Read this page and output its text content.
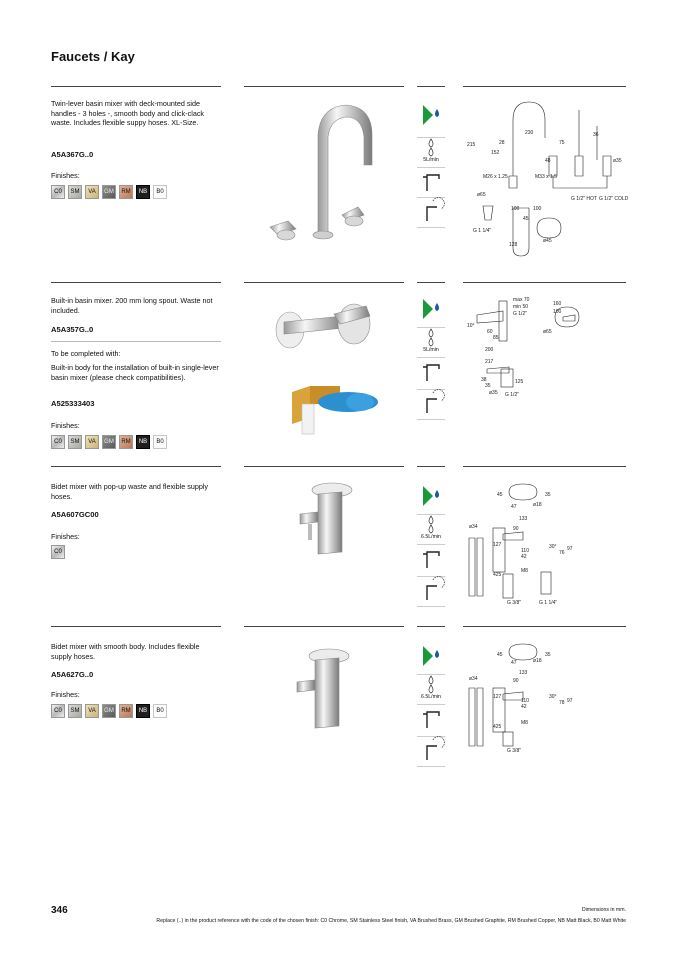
Faucets / Kay
Twin-lever basin mixer with deck-mounted side handles - 3 holes -, smooth body and click-clack waste. Includes flexible suppy hoses. XL-Size.
A5A367G..0
Finishes:
C0	SM	VA	GM	RM	NB	B0
5L/min
215
230
28
152
75
48
M26 x 1.25	M33 x 1.5
ø35
36
G 1/2" HOT G 1/2" COLD
ø65
100	100
45
G 1 1/4"
128
ø45
Built-in basin mixer. 200 mm long spout. Waste not included.
A5A357G..0
To be completed with:
Built-in body for the installation of built-in single-lever basin mixer (please check compatibilities).
A525333403
Finishes:
C0	SM	VA	GM	RM	NB	B0
5L/min
max 70
min 50
G 1/2"
160
100
10°
60
85
200
ø65
217
38
35
125
ø35 G 1/2"
Bidet mixer with pop-up waste and flexible supply hoses.
A5A607GC00
Finishes:
C0
6.5L/min
45	35
47	ø18
133
ø34	90
127
110
30°
42
76
97
425
M8
G 3/8"	G 1 1/4"
Bidet mixer with smooth body. Includes flexible supply hoses.
A5A627G..0
Finishes:
C0	SM	VA	GM	RM	NB	B0
6.5L/min
45	35
47	ø18
133
ø34	90
127
110
30°
42
78 97
425
M8
G 3/8"
346	Dimensions in mm.
Replace (..) in the product reference with the code of the chosen finish: C0 Chrome, SM Stainless Steel finish, VA Brushed Brass, GM Brushed Graphite, RM Brushed Copper, NB Matt Black, B0 Matt White
